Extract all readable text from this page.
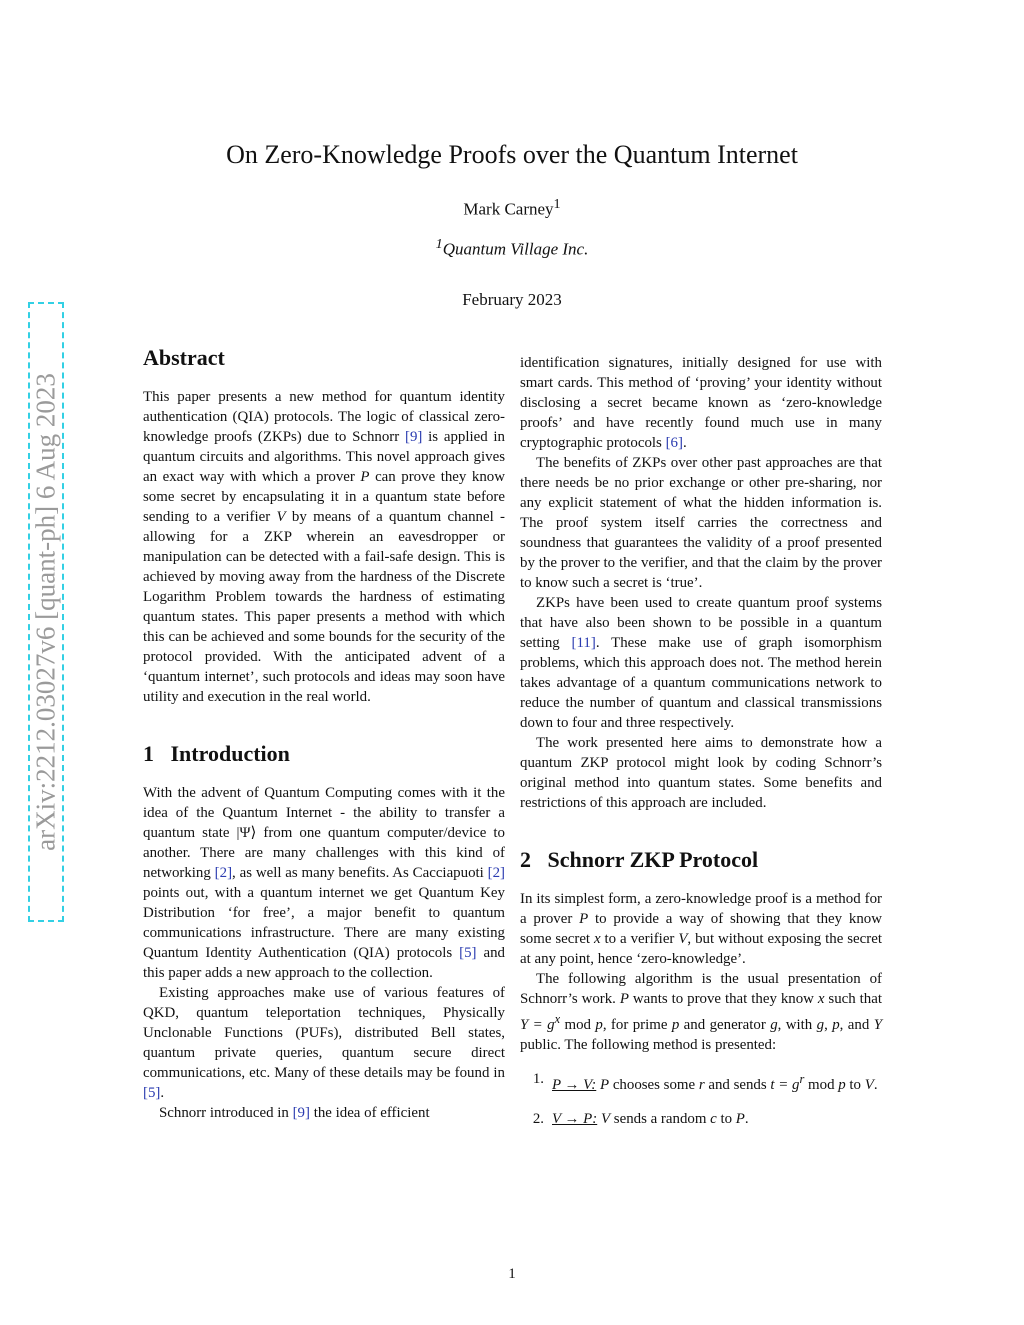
On Zero-Knowledge Proofs over the Quantum Internet
Mark Carney$^1$
$^1$Quantum Village Inc.
February 2023
arXiv:2212.03027v6 [quant-ph] 6 Aug 2023
Abstract

This paper presents a new method for quantum identity authentication (QIA) protocols. The logic of classical zero-knowledge proofs (ZKPs) due to Schnorr [ 9 ] is applied in quantum circuits and algorithms. This novel approach gives an exact way with which a prover P can prove they know some secret by encapsulating it in a quantum state before sending to a verifier V by means of a quantum channel - allowing for a ZKP wherein an eavesdropper or manipulation can be detected with a fail-safe design. This is achieved by moving away from the hardness of the Discrete Logarithm Problem towards the hardness of estimating quantum states. This paper presents a method with which this can be achieved and some bounds for the security of the protocol provided. With the anticipated advent of a ‘quantum internet’, such protocols and ideas may soon have utility and execution in the real world.

1 Introduction

With the advent of Quantum Computing comes with it the idea of the Quantum Internet - the ability to transfer a quantum state |Ψ⟩ from one quantum computer/device to another. There are many challenges with this kind of networking [ 2 ] , as well as many benefits. As Cacciapuoti [ 2 ] points out, with a quantum internet we get Quantum Key Distribution ‘for free’, a major benefit to quantum communications infrastructure. There are many existing Quantum Identity Authentication (QIA) protocols [ 5 ] and this paper adds a new approach to the collection.

Existing approaches make use of various features of QKD, quantum teleportation techniques, Physically Unclonable Functions (PUFs), distributed Bell states, quantum private queries, quantum secure direct communications, etc. Many of these details may be found in [ 5 ] .

Schnorr introduced in [ 9 ] the idea of efficient

identification signatures, initially designed for use with smart cards. This method of ‘proving’ your identity without disclosing a secret became known as ‘zero-knowledge proofs’ and have recently found much use in many cryptographic protocols [ 6 ] .

The benefits of ZKPs over other past approaches are that there needs be no prior exchange or other pre-sharing, nor any explicit statement of what the hidden information is. The proof system itself carries the correctness and soundness that guarantees the validity of a proof presented by the prover to the verifier, and that the claim by the prover to know such a secret is ‘true’.

ZKPs have been used to create quantum proof systems that have also been shown to be possible in a quantum setting [ 11 ] . These make use of graph isomorphism problems, which this approach does not. The method herein takes advantage of a quantum communications network to reduce the number of quantum and classical transmissions down to four and three respectively.

The work presented here aims to demonstrate how a quantum ZKP protocol might look by coding Schnorr’s original method into quantum states. Some benefits and restrictions of this approach are included.

2 Schnorr ZKP Protocol

In its simplest form, a zero-knowledge proof is a method for a prover P to provide a way of showing that they know some secret x to a verifier V, but without exposing the secret at any point, hence ‘zero-knowledge’.

The following algorithm is the usual presentation of Schnorr’s work. P wants to prove that they know x such that $Y = g^x$ mod p, for prime p and generator g, with g, p, and Y public. The following method is presented:

1. P → V: P chooses some r and sends $t = g^r$ mod p to V.
2. V → P: V sends a random c to P.
1
